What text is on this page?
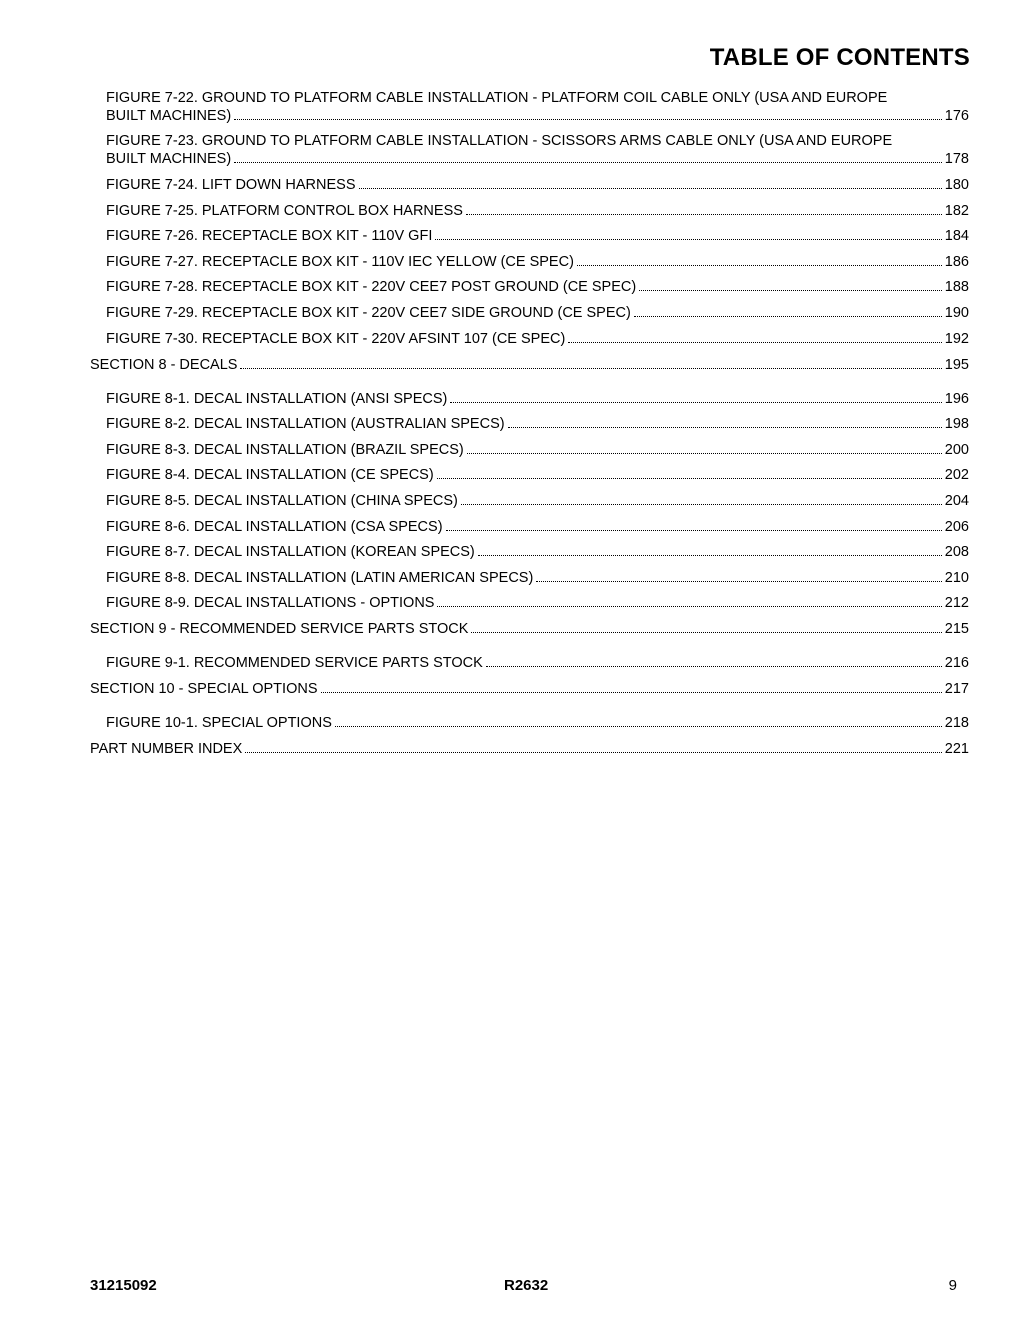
TABLE OF CONTENTS
FIGURE 7-22. GROUND TO PLATFORM CABLE INSTALLATION - PLATFORM COIL CABLE ONLY (USA AND EUROPE
BUILT MACHINES)	176
FIGURE 7-23. GROUND TO PLATFORM CABLE INSTALLATION - SCISSORS ARMS CABLE ONLY (USA AND EUROPE
BUILT MACHINES)	178
FIGURE 7-24. LIFT DOWN HARNESS	180
FIGURE 7-25. PLATFORM CONTROL BOX HARNESS	182
FIGURE 7-26. RECEPTACLE BOX KIT - 110V GFI	184
FIGURE 7-27. RECEPTACLE BOX KIT - 110V IEC YELLOW (CE SPEC)	186
FIGURE 7-28. RECEPTACLE BOX KIT - 220V CEE7 POST GROUND (CE SPEC)	188
FIGURE 7-29. RECEPTACLE BOX KIT - 220V CEE7 SIDE GROUND (CE SPEC)	190
FIGURE 7-30. RECEPTACLE BOX KIT - 220V AFSINT 107 (CE SPEC)	192
SECTION 8 - DECALS	195
FIGURE 8-1. DECAL INSTALLATION (ANSI SPECS)	196
FIGURE 8-2. DECAL INSTALLATION (AUSTRALIAN SPECS)	198
FIGURE 8-3. DECAL INSTALLATION (BRAZIL SPECS)	200
FIGURE 8-4. DECAL INSTALLATION (CE SPECS)	202
FIGURE 8-5. DECAL INSTALLATION (CHINA SPECS)	204
FIGURE 8-6. DECAL INSTALLATION (CSA SPECS)	206
FIGURE 8-7. DECAL INSTALLATION (KOREAN SPECS)	208
FIGURE 8-8. DECAL INSTALLATION (LATIN AMERICAN SPECS)	210
FIGURE 8-9. DECAL INSTALLATIONS - OPTIONS	212
SECTION 9 - RECOMMENDED SERVICE PARTS STOCK	215
FIGURE 9-1. RECOMMENDED SERVICE PARTS STOCK	216
SECTION 10 - SPECIAL OPTIONS	217
FIGURE 10-1. SPECIAL OPTIONS	218
PART NUMBER INDEX	221
31215092	R2632	9
